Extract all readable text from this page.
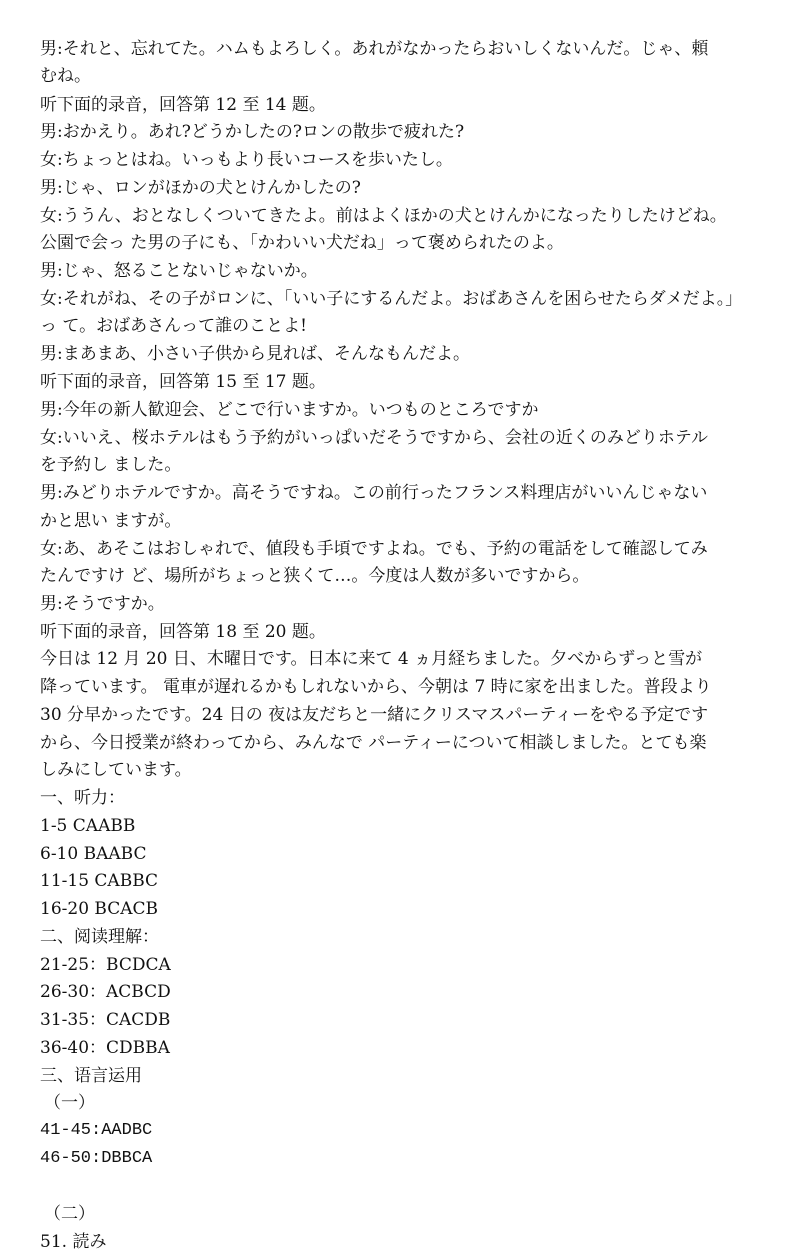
男:それと、忘れてた。ハムもよろしく。あれがなかったらおいしくないんだ。じゃ、頼
むね。
听下面的录音，回答第 12 至 14 题。
男:おかえり。あれ?どうかしたの?ロンの散歩で疲れた?
女:ちょっとはね。いっもより長いコースを歩いたし。
男:じゃ、ロンがほかの犬とけんかしたの?
女:ううん、おとなしくついてきたよ。前はよくほかの犬とけんかになったりしたけどね。
公園で会っ た男の子にも、「かわいい犬だね」って褒められたのよ。
男:じゃ、怒ることないじゃないか。
女:それがね、その子がロンに、「いい子にするんだよ。おばあさんを困らせたらダメだよ。」
っ て。おばあさんって誰のことよ!
男:まあまあ、小さい子供から見れば、そんなもんだよ。
听下面的录音，回答第 15 至 17 题。
男:今年の新人歓迎会、どこで行いますか。いつものところですか
女:いいえ、桜ホテルはもう予約がいっぱいだそうですから、会社の近くのみどりホテル
を予約し ました。
男:みどりホテルですか。高そうですね。この前行ったフランス料理店がいいんじゃない
かと思い ますが。
女:あ、あそこはおしゃれで、値段も手頃ですよね。でも、予約の電話をして確認してみ
たんですけ ど、場所がちょっと狭くて…。今度は人数が多いですから。
男:そうですか。
听下面的录音，回答第 18 至 20 题。
今日は 12 月 20 日、木曜日です。日本に来て 4 ヵ月経ちました。夕べからずっと雪が
降っています。 電車が遅れるかもしれないから、今朝は 7 時に家を出ました。普段より
30 分早かったです。24 日の 夜は友だちと一緒にクリスマスパーティーをやる予定です
から、今日授業が終わってから、みんなで パーティーについて相談しました。とても楽
しみにしています。
一、听力：
1-5 CAABB
6-10 BAABC
11-15 CABBC
16-20 BCACB
二、阅读理解：
21-25：BCDCA
26-30：ACBCD
31-35：CACDB
36-40：CDBBA
三、语言运用
（一）
41-45:AADBC
46-50:DBBCA
（二）
51. 読み
